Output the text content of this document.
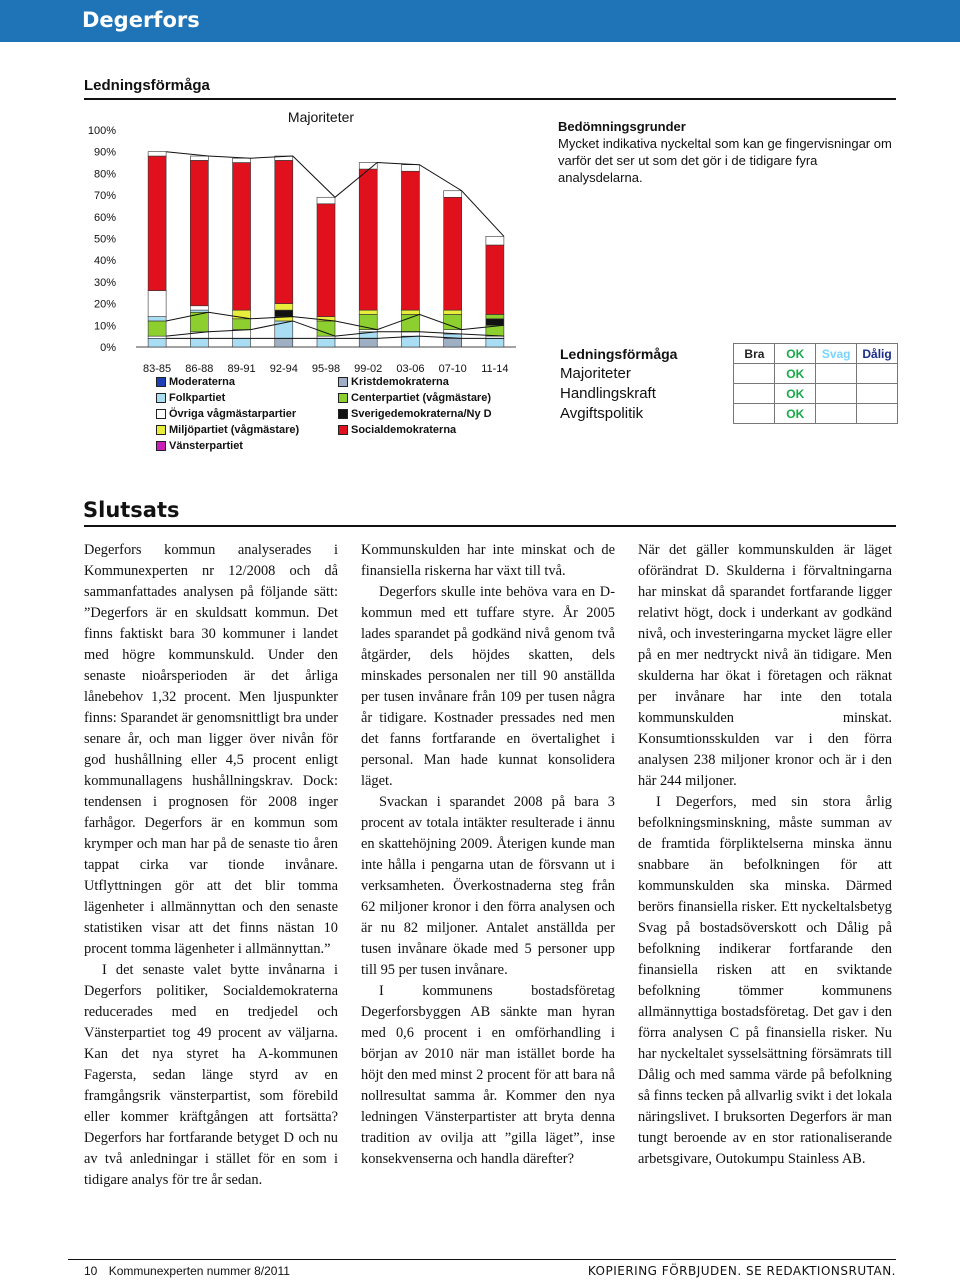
Degerfors
Ledningsförmåga
Majoriteter
100%
90%
80%
70%
60%
50%
40%
30%
20%
10%
0%
83-85 86-88 89-91 92-94 95-98 99-02 03-06 07-10 11-14
Moderaterna
Folkpartiet
Övriga vågmästarpartier
Miljöpartiet (vågmästare)
Vänsterpartiet
Kristdemokraterna
Centerpartiet (vågmästare)
Sverigedemokraterna/Ny D
Socialdemokraterna
Bedömningsgrunder
Mycket indikativa nyckeltal som kan ge fingervisningar om varför det ser ut som det gör i de tidigare fyra analysdelarna.
Ledningsförmåga	Bra	OK	Svag	Dålig
Majoriteter		OK		
Handlingskraft		OK		
Avgiftspolitik		OK		
Slutsats

Degerfors kommun analyserades i Kommunexperten nr 12/2008 och då sammanfattades analysen på följande sätt: ”Degerfors är en skuldsatt kommun. Det finns faktiskt bara 30 kommuner i landet med högre kommunskuld. Under den senaste nioårsperioden är det årliga lånebehov 1,32 procent. Men ljuspunkter finns: Sparandet är genomsnittligt bra under senare år, och man ligger över nivån för god hushållning eller 4,5 procent enligt kommunallagens hushållningskrav. Dock: tendensen i prognosen för 2008 inger farhågor. Degerfors är en kommun som krymper och man har på de senaste tio åren tappat cirka var tionde invånare. Utflyttningen gör att det blir tomma lägenheter i allmännyttan och den senaste statistiken visar att det finns nästan 10 procent tomma lägenheter i allmännyttan.”

I det senaste valet bytte invånarna i Degerfors politiker, Socialdemokraterna reducerades med en tredjedel och Vänsterpartiet tog 49 procent av väljarna. Kan det nya styret ha A-kommunen Fagersta, sedan länge styrd av en framgångsrik vänsterpartist, som förebild eller kommer kräftgången att fortsätta? Degerfors har fortfarande betyget D och nu av två anledningar i stället för en som i tidigare analys för tre år sedan.

Kommunskulden har inte minskat och de finansiella riskerna har växt till två.

Degerfors skulle inte behöva vara en D-kommun med ett tuffare styre. År 2005 lades sparandet på godkänd nivå genom två åtgärder, dels höjdes skatten, dels minskades personalen ner till 90 anställda per tusen invånare från 109 per tusen några år tidigare. Kostnader pressades ned men det fanns fortfarande en övertalighet i personal. Man hade kunnat konsolidera läget.

Svackan i sparandet 2008 på bara 3 procent av totala intäkter resulterade i ännu en skattehöjning 2009. Återigen kunde man inte hålla i pengarna utan de försvann ut i verksamheten. Överkostnaderna steg från 62 miljoner kronor i den förra analysen och är nu 82 miljoner. Antalet anställda per tusen invånare ökade med 5 personer upp till 95 per tusen invånare.

I kommunens bostadsföretag Degerforsbyggen AB sänkte man hyran med 0,6 procent i en omförhandling i början av 2010 när man istället borde ha höjt den med minst 2 procent för att bara nå nollresultat samma år. Kommer den nya ledningen Vänsterpartister att bryta denna tradition av ovilja att ”gilla läget”, inse konsekvenserna och handla därefter?

När det gäller kommunskulden är läget oförändrat D. Skulderna i förvaltningarna har minskat då sparandet fortfarande ligger relativt högt, dock i underkant av godkänd nivå, och investeringarna mycket lägre eller på en mer nedtryckt nivå än tidigare. Men skulderna har ökat i företagen och räknat per invånare har inte den totala kommunskulden minskat. Konsumtionsskulden var i den förra analysen 238 miljoner kronor och är i den här 244 miljoner.

I Degerfors, med sin stora årlig befolkningsminskning, måste summan av de framtida förpliktelserna minska ännu snabbare än befolkningen för att kommunskulden ska minska. Därmed berörs finansiella risker. Ett nyckeltalsbetyg Svag på bostadsöverskott och Dålig på befolkning indikerar fortfarande den finansiella risken att en sviktande befolkning tömmer kommunens allmännyttiga bostadsföretag. Det gav i den förra analysen C på finansiella risker. Nu har nyckeltalet sysselsättning försämrats till Dålig och med samma värde på befolkning så finns tecken på allvarlig svikt i det lokala näringslivet. I bruksorten Degerfors är man tungt beroende av en stor rationaliserande arbetsgivare, Outokumpu Stainless AB.

10 Kommunexperten nummer 8/2011	KOPIERING FÖRBJUDEN. SE REDAKTIONSRUTAN.
